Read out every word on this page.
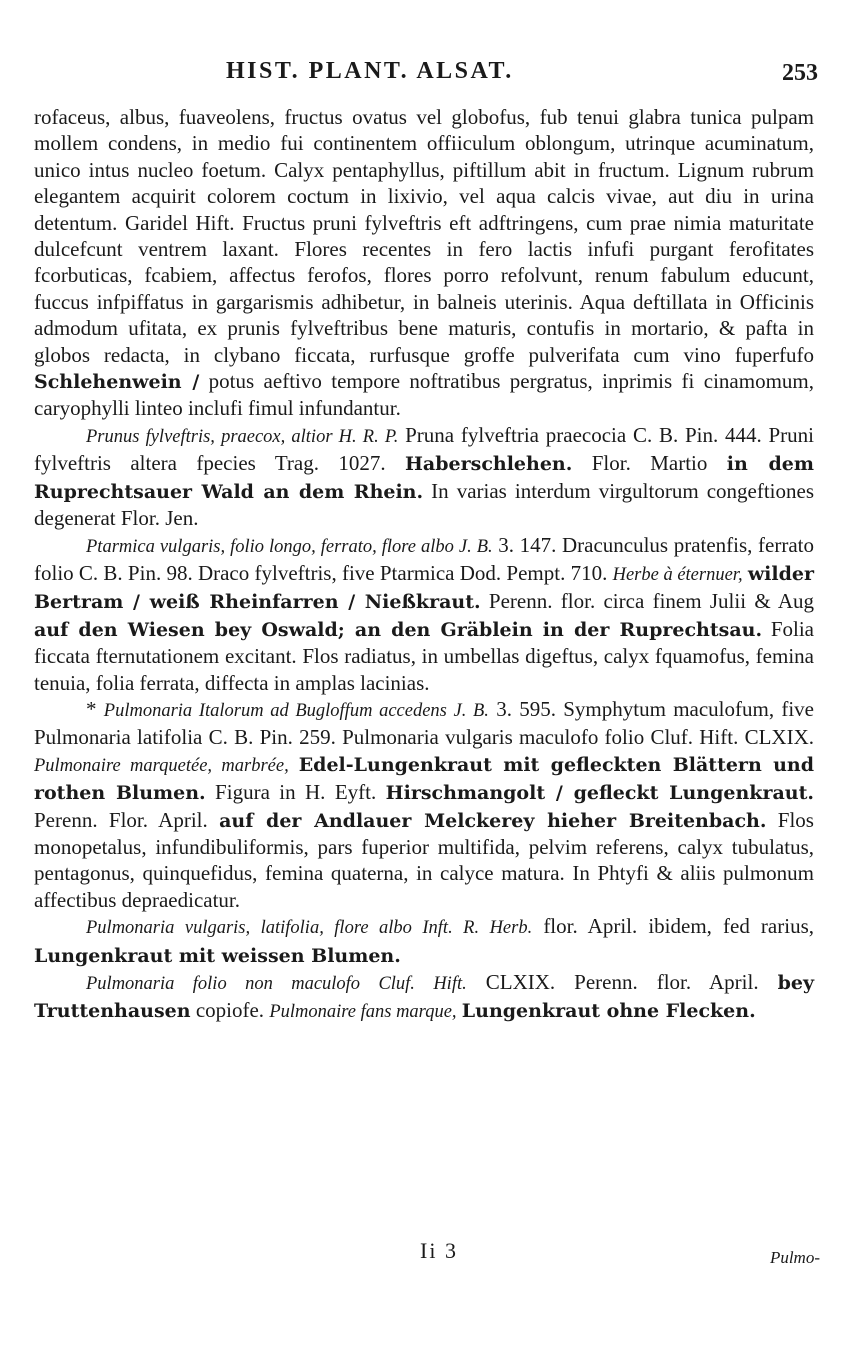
HIST. PLANT. ALSAT.	253

rofaceus, albus, fuaveolens, fructus ovatus vel globofus, fub tenui glabra tunica pulpam mollem condens, in medio fui continentem offiiculum oblongum, utrinque acuminatum, unico intus nucleo foetum. Calyx pentaphyllus, piftillum abit in fructum. Lignum rubrum elegantem acquirit colorem coctum in lixivio, vel aqua calcis vivae, aut diu in urina detentum. Garidel Hift. Fructus pruni fylveftris eft adftringens, cum prae nimia maturitate dulcefcunt ventrem laxant. Flores recentes in fero lactis infufi purgant ferofitates fcorbuticas, fcabiem, affectus ferofos, flores porro refolvunt, renum fabulum educunt, fuccus infpiffatus in gargarismis adhibetur, in balneis uterinis. Aqua deftillata in Officinis admodum ufitata, ex prunis fylveftribus bene maturis, contufis in mortario, & pafta in globos redacta, in clybano ficcata, rurfusque groffe pulverifata cum vino fuperfufo Schlehenwein / potus aeftivo tempore noftratibus pergratus, inprimis fi cinamomum, caryophylli linteo inclufi fimul infundantur.

Prunus fylveftris, praecox, altior H. R. P. Pruna fylveftria praecocia C. B. Pin. 444. Pruni fylveftris altera fpecies Trag. 1027. Haberschlehen. Flor. Martio in dem Ruprechtsauer Wald an dem Rhein. In varias interdum virgultorum congeftiones degenerat Flor. Jen.

Ptarmica vulgaris, folio longo, ferrato, flore albo J. B. 3. 147. Dracunculus pratenfis, ferrato folio C. B. Pin. 98. Draco fylveftris, five Ptarmica Dod. Pempt. 710. Herbe à éternuer, wilder Bertram / weiß Rheinfarren / Nießkraut. Perenn. flor. circa finem Julii & Aug auf den Wiesen bey Oswald; an den Gräblein in der Ruprechtsau. Folia ficcata fternutationem excitant. Flos radiatus, in umbellas digeftus, calyx fquamofus, femina tenuia, folia ferrata, diffecta in amplas lacinias.

* Pulmonaria Italorum ad Bugloffum accedens J. B. 3. 595. Symphytum maculofum, five Pulmonaria latifolia C. B. Pin. 259. Pulmonaria vulgaris maculofo folio Cluf. Hift. CLXIX. Pulmonaire marquetée, marbrée, Edel-Lungenkraut mit gefleckten Blättern und rothen Blumen. Figura in H. Eyft. Hirschmangolt / gefleckt Lungenkraut. Perenn. Flor. April. auf der Andlauer Melckerey hieher Breitenbach. Flos monopetalus, infundibuliformis, pars fuperior multifida, pelvim referens, calyx tubulatus, pentagonus, quinquefidus, femina quaterna, in calyce matura. In Phtyfi & aliis pulmonum affectibus depraedicatur.

Pulmonaria vulgaris, latifolia, flore albo Inft. R. Herb. flor. April. ibidem, fed rarius, Lungenkraut mit weissen Blumen.

Pulmonaria folio non maculofo Cluf. Hift. CLXIX. Perenn. flor. April. bey Truttenhausen copiofe. Pulmonaire fans marque, Lungenkraut ohne Flecken.

Ii 3	Pulmo-
